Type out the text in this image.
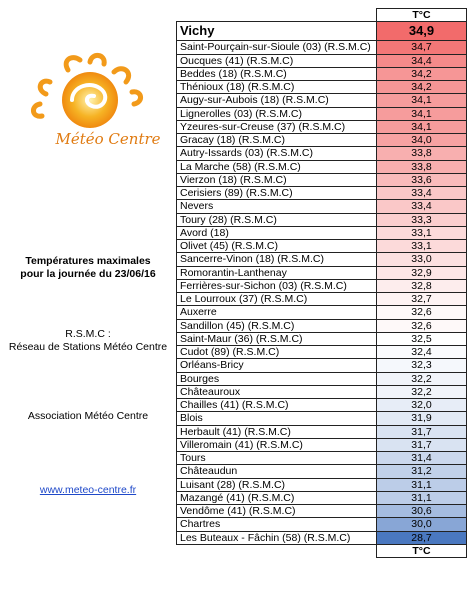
Météo Centre
Températures maximales
pour la journée du 23/06/16
R.S.M.C :
Réseau de Stations Météo Centre
Association Météo Centre
www.meteo-centre.fr
	T°C
Vichy	34,9
Saint-Pourçain-sur-Sioule (03) (R.S.M.C)	34,7
Oucques (41) (R.S.M.C)	34,4
Beddes (18) (R.S.M.C)	34,2
Thénioux (18) (R.S.M.C)	34,2
Augy-sur-Aubois (18) (R.S.M.C)	34,1
Lignerolles (03) (R.S.M.C)	34,1
Yzeures-sur-Creuse (37) (R.S.M.C)	34,1
Gracay (18) (R.S.M.C)	34,0
Autry-Issards (03) (R.S.M.C)	33,8
La Marche (58) (R.S.M.C)	33,8
Vierzon (18) (R.S.M.C)	33,6
Cerisiers (89) (R.S.M.C)	33,4
Nevers	33,4
Toury (28) (R.S.M.C)	33,3
Avord (18)	33,1
Olivet (45) (R.S.M.C)	33,1
Sancerre-Vinon (18) (R.S.M.C)	33,0
Romorantin-Lanthenay	32,9
Ferrières-sur-Sichon (03) (R.S.M.C)	32,8
Le Lourroux (37) (R.S.M.C)	32,7
Auxerre	32,6
Sandillon (45) (R.S.M.C)	32,6
Saint-Maur (36) (R.S.M.C)	32,5
Cudot (89) (R.S.M.C)	32,4
Orléans-Bricy	32,3
Bourges	32,2
Châteauroux	32,2
Chailles (41) (R.S.M.C)	32,0
Blois	31,9
Herbault (41) (R.S.M.C)	31,7
Villeromain (41) (R.S.M.C)	31,7
Tours	31,4
Châteaudun	31,2
Luisant (28) (R.S.M.C)	31,1
Mazangé (41) (R.S.M.C)	31,1
Vendôme (41) (R.S.M.C)	30,6
Chartres	30,0
Les Buteaux - Fâchin (58) (R.S.M.C)	28,7
	T°C
